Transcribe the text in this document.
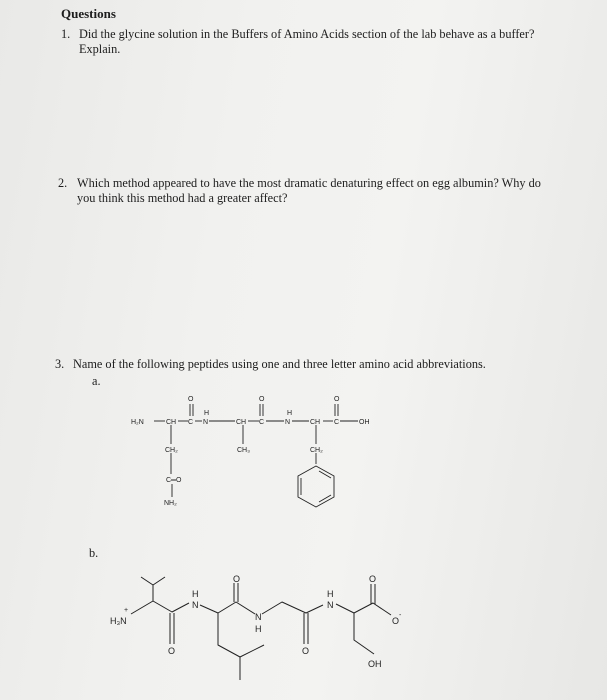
Questions
1. Did the glycine solution in the Buffers of Amino Acids section of the lab behave as a buffer?
Explain.
2. Which method appeared to have the most dramatic denaturing effect on egg albumin? Why do
you think this method had a greater affect?
3. Name of the following peptides using one and three letter amino acid abbreviations.
a.
b.
H₂N	CH C
O
H
N	CH C
O
H
N	CH C
O
OH
CH₂	CH₃	CH₂
C═O
NH₂
H₃N
+
O
H
N
O
N
H
O
H
N
O
O
-
OH
